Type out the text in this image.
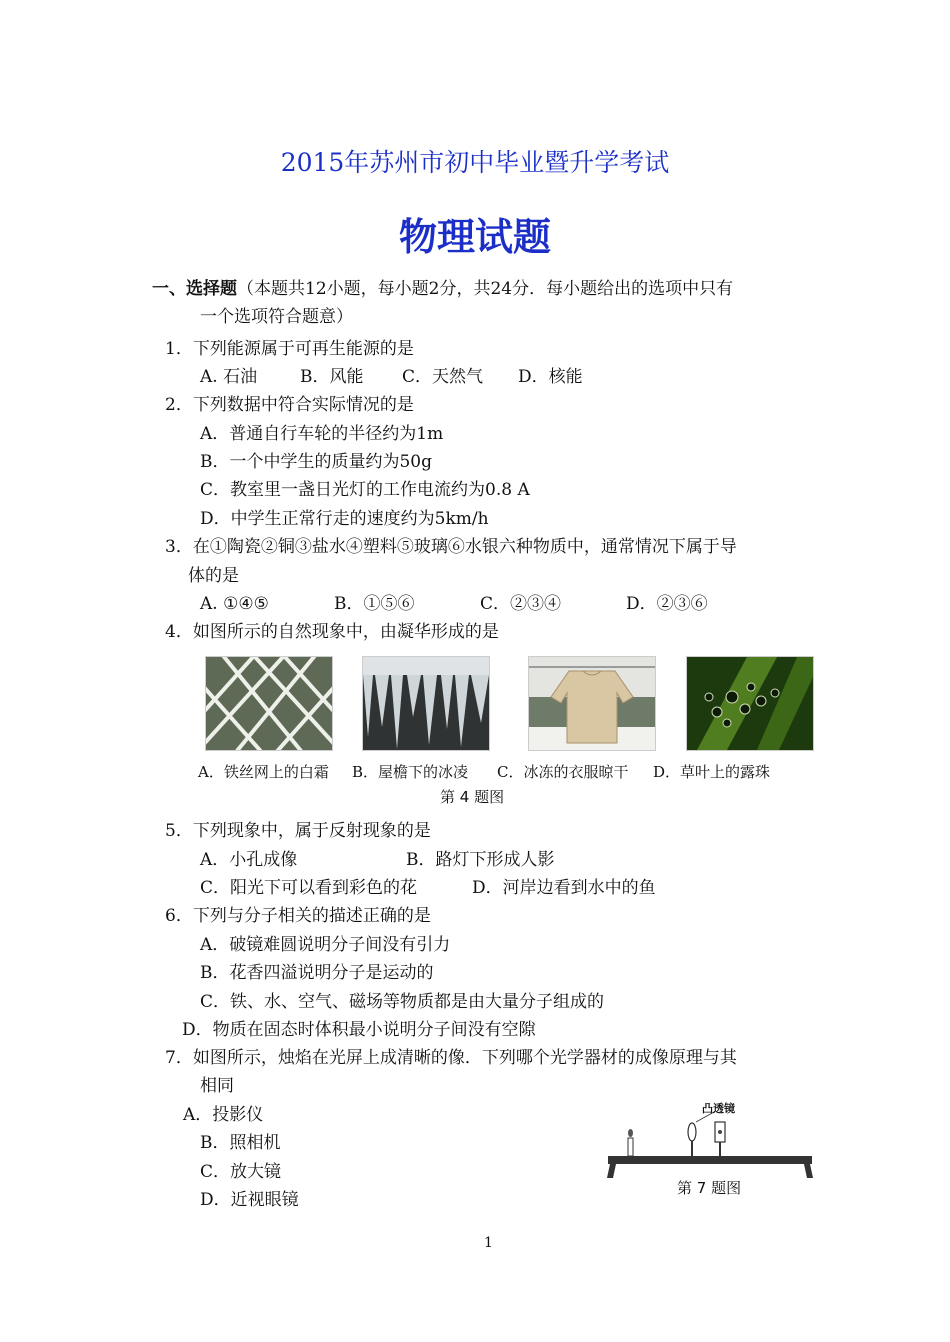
2015年苏州市初中毕业暨升学考试
物理试题
一、选择题（本题共12小题，每小题2分，共24分．每小题给出的选项中只有
一个选项符合题意）
1．下列能源属于可再生能源的是
A. 石油	B．风能 C．天然气 D．核能
2．下列数据中符合实际情况的是
A．普通自行车轮的半径约为1m
B．一个中学生的质量约为50g
C．教室里一盏日光灯的工作电流约为0.8 A
D．中学生正常行走的速度约为5km/h
3．在①陶瓷②铜③盐水④塑料⑤玻璃⑥水银六种物质中，通常情况下属于导
体的是
A. ①④⑤	B．①⑤⑥	C．②③④	D．②③⑥
4．如图所示的自然现象中，由凝华形成的是
A．铁丝网上的白霜 B．屋檐下的冰凌 C．冰冻的衣服晾干 D．草叶上的露珠
第 4 题图
5．下列现象中，属于反射现象的是
A．小孔成像	B．路灯下形成人影
C．阳光下可以看到彩色的花	D．河岸边看到水中的鱼
6．下列与分子相关的描述正确的是
A．破镜难圆说明分子间没有引力
B．花香四溢说明分子是运动的
C．铁、水、空气、磁场等物质都是由大量分子组成的
D．物质在固态时体积最小说明分子间没有空隙
7．如图所示，烛焰在光屏上成清晰的像．下列哪个光学器材的成像原理与其
相同
A．投影仪
B．照相机
C．放大镜
D．近视眼镜
凸透镜
第 7 题图
1
